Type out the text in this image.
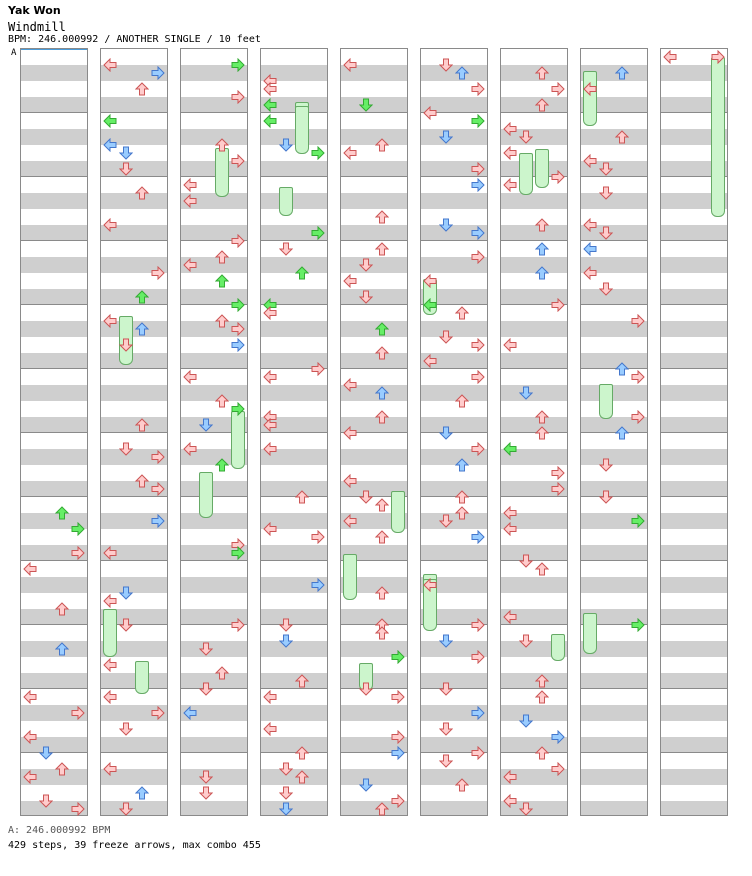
Yak Won
Windmill
BPM: 246.000992 / ANOTHER SINGLE / 10 feet
A
A: 246.000992 BPM
429 steps, 39 freeze arrows, max combo 455
